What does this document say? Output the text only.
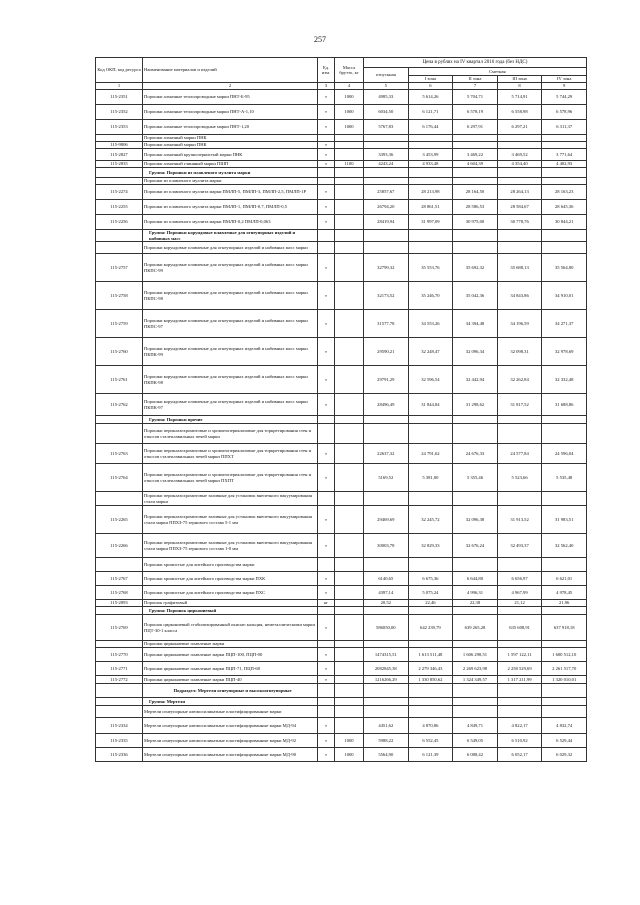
257
Код ОКП, код ресурса	Наименование материалов и изделий	Ед. изм.	Масса брутто, кг	Цена в рублях на IV квартал 2016 года (без НДС)				
				отпускная	Сметная			
					I зона	II зона	III зона	IV зона
1	2	3	4	5	6	7	8	9
115-2351	Порошки алмазные теплопроводные марки ПНТ-Б-95	т	1000	4985,33	5 614,26	5 704,71	5 714,91	5 744,29
115-2352	Порошки алмазные теплопроводные марки ПНТ-А-1,10	т	1000	6034,50	6 121,71	6 578,19	6 558,98	6 578,96
115-2353	Порошки алмазные теплопроводные марки ПНТ-1,20	т	1000	5767,83	6 176,44	6 297,91	6 297,21	6 311,37
	Порошки алмазный марки ПНК							
115-9806	Порошки алмазный марки ПНК	т						
115-2827	Порошки алмазный крупнозернистый марки ПНК	т		3393,36	3 453,99	3 469,22	3 469,52	3 771,64
115-2835	Порошки алмазный глиняный марки ПШП	т	1100	4243,24	4 933,48	4 604,39	4 354,40	4 402,93
	Группа: Порошки из плавленого муллита марки							
	Порошки из плавленого муллита марки							
115-2274	Порошки из плавленого муллита марки ПМЛП-5, ПМЛП-3, ПМЛП-2,5, ПМЛП-1Р	т		25857,67	28 213,98	28 164,50	28 264,13	28 163,23
115-2255	Порошки из плавленого муллита марки ПМЛП-1, ПМЛП-0,7, ПМЛП-0,5	т		26794,20	28 861,51	28 586,53	28 584,67	28 645,36
115-2256	Порошки из плавленого муллита марки ПМЛП-0,2 ПМЛП-0,063	т		28419,94	31 997,09	30 975,00	30 778,76	30 844,21
	Группа: Порошки корундовые плавленые для огнеупорных изделий и набивных масс							
	Порошки корундовые плавленые для огнеупорных изделий и набивных масс марки							
115-2757	Порошки корундовые плавленые для огнеупорных изделий и набивных масс марки ПКПС-99	т		32799,32	35 553,76	35 692,32	35 688,13	35 564,80
115-2758	Порошки корундовые плавленые для огнеупорных изделий и набивных масс марки ПКПС-98	т		32173,52	35 246,70	35 042,36	34 843,86	34 910,01
115-2759	Порошки корундовые плавленые для огнеупорных изделий и набивных масс марки ПКПС-97	т		31577,78	34 553,26	34 394,48	34 196,59	34 271,37
115-2760	Порошки корундовые плавленые для огнеупорных изделий и набивных масс марки ПКПК-99	т		29590,21	32 248,47	32 096,34	32 098,31	32 978,69
115-2761	Порошки корундовые плавленые для огнеупорных изделий и набивных масс марки ПКПК-98	т		29791,29	32 596,54	32 442,94	32 262,84	32 332,48
115-2762	Порошки корундовые плавленые для огнеупорных изделий и набивных масс марки ПКПК-97	т		28496,49	31 844,84	31 298,62	31 817,52	31 688,86
	Группа: Порошки прочие							
	Порошки периклазохромитовые и хромитопериклазовые для торкретирования стен и откосов сталеплавильных печей марки							
115-2763	Порошки периклазохромитовые и хромитопериклазовые для торкретирования стен и откосов сталеплавильных печей марки ППХТ	т		22637,32	24 791,62	24 676,33	24 577,84	24 596,04
115-2764	Порошки периклазохромитовые и хромитопериклазовые для торкретирования стен и откосов сталеплавильных печей марки ПХПТ	т		5169,52	5 381,00	5 355,46	5 523,66	5 535,48
	Порошки периклазохромитовые заливные для установок внепечного вакуумирования стали марки							
115-2265	Порошки периклазохромитовые заливные для установок внепечного вакуумирования стали марки ППХЗ-75 зернового состава 5-1 мм	т		29469,69	32 245,72	32 096,38	31 913,52	31 983,51
115-2266	Порошки периклазохромитовые заливные для установок внепечного вакуумирования стали марки ППХЗ-75 зернового состава 1-0 мм	т		30003,78	32 829,33	32 676,24	32 493,37	32 562,40
	Порошки хромистые для литейного производства марки							
115-2767	Порошки хромистые для литейного производства марки ПХК	т		6140,65	6 675,36	6 644,80	6 656,97	6 621,01
115-2768	Порошки хромистые для литейного производства марки ПХС	т		4397,14	5 075,24	4 996,31	4 967,99	4 978,45
115-2893	Порошок графитовый	кг		20,52	22,46	22,38	21,12	21,96
	Группа: Порошок циркониевый							
115-2769	Порошок циркониевый стабилизированный окисью кальция, неметаллическими марки ПЦТ-30-1 класса	т		586050,00	642 239,79	639 265,28	635 608,91	637 918,18
	Порошки циркониевые плавленые марки							
115-2770	Порошки циркониевые плавленые марки ПЦП-100, ПЦП-00	т		1474315,51	1 613 511,48	1 606 298,51	1 597 122,11	1 600 512,10
115-2771	Порошки циркониевые плавленые марки ПЦП-71, ПЦП-68	т		2082845,38	2 279 346,43	2 269 623,98	2 258 529,69	2 261 517,70
115-2772	Порошки циркониевые плавленые марки ПЦП-40	т		1216266,29	1 330 850,62	1 324 349,57	1 317 211,99	1 320 010,01
	Подраздел: Мертели огнеупорные и высокоогнеупорные							
	Группа: Мертели							
	Мертели огнеупорные алюмосиликатные пластифицированные марки							
115-2334	Мертели огнеупорные алюмосиликатные пластифицированные марки МД-94	т		4451,62	4 870,86	4 849,71	4 822,17	4 832,74
115-2335	Мертели огнеупорные алюмосиликатные пластифицированные марки МД-92	т	1000	5988,22	6 552,45	6 549,05	6 510,92	6 529,44
115-2336	Мертели огнеупорные алюмосиликатные пластифицированные марки МД-90	т	1000	5564,90	6 121,39	6 088,42	6 052,17	6 029,32
